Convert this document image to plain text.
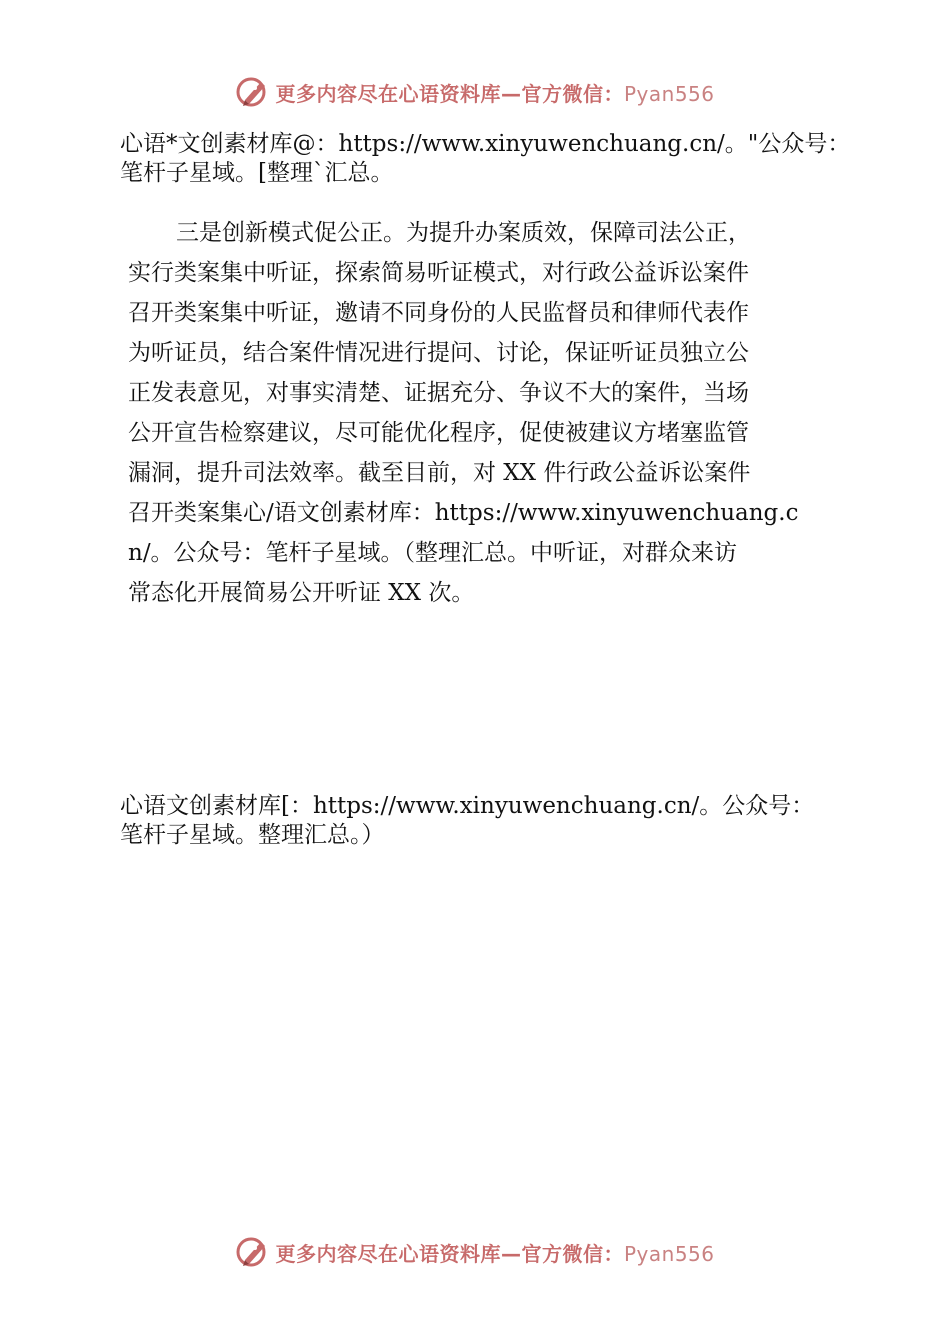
更多内容尽在心语资料库—官方微信：Pyan556
心语*文创素材库@：https://www.xinyuwenchuang.cn/。"公众号：
笔杆子星域。[整理`汇总。
三是创新模式促公正。为提升办案质效，保障司法公正，
实行类案集中听证，探索简易听证模式，对行政公益诉讼案件
召开类案集中听证，邀请不同身份的人民监督员和律师代表作
为听证员，结合案件情况进行提问、讨论，保证听证员独立公
正发表意见，对事实清楚、证据充分、争议不大的案件，当场
公开宣告检察建议，尽可能优化程序，促使被建议方堵塞监管
漏洞，提升司法效率。截至目前，对 XX 件行政公益诉讼案件
召开类案集心/语文创素材库：https://www.xinyuwenchuang.c
n/。公众号：笔杆子星域。（整理汇总。中听证，对群众来访
常态化开展简易公开听证 XX 次。
心语文创素材库[：https://www.xinyuwenchuang.cn/。公众号：
笔杆子星域。整理汇总。）
更多内容尽在心语资料库—官方微信：Pyan556
